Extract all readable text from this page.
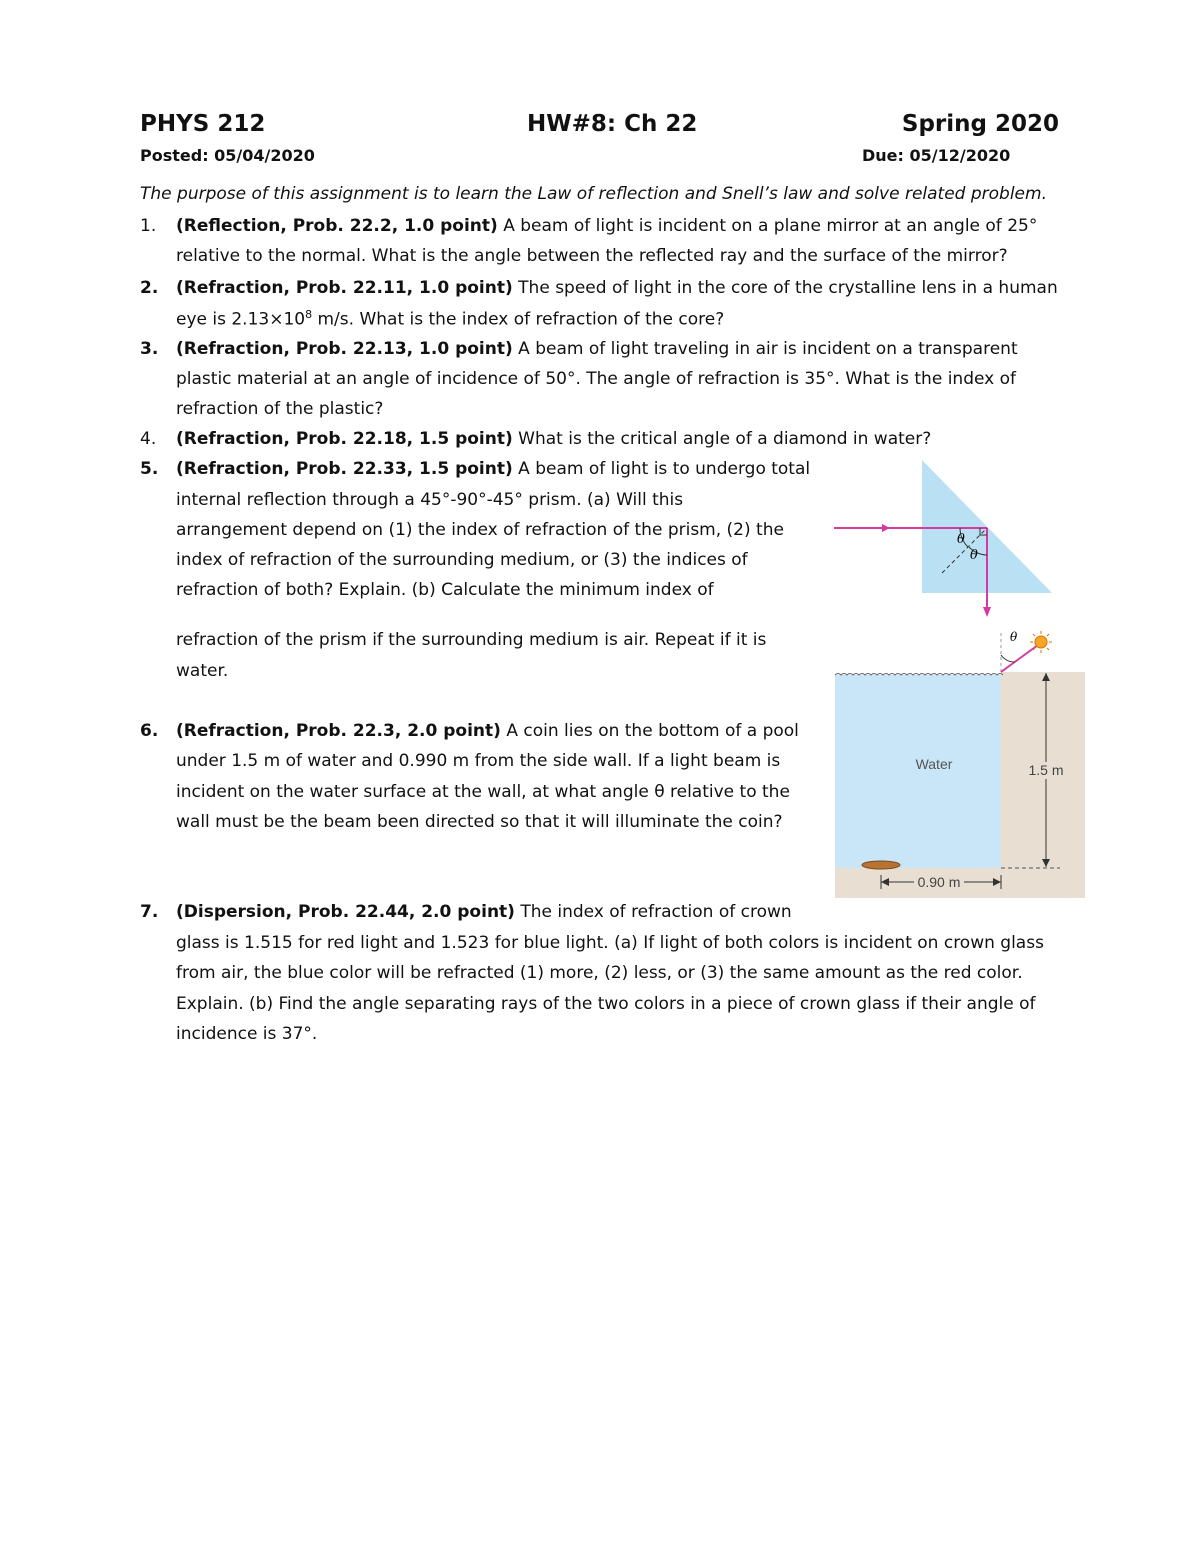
PHYS 212	HW#8: Ch 22	Spring 2020
Posted: 05/04/2020	Due: 05/12/2020
The purpose of this assignment is to learn the Law of reflection and Snell’s law and solve related problem.
1. (Reflection, Prob. 22.2, 1.0 point) A beam of light is incident on a plane mirror at an angle of 25°
relative to the normal. What is the angle between the reflected ray and the surface of the mirror?
2. (Refraction, Prob. 22.11, 1.0 point) The speed of light in the core of the crystalline lens in a human
eye is $2.13\times 10^8$ m/s. What is the index of refraction of the core?
3. (Refraction, Prob. 22.13, 1.0 point) A beam of light traveling in air is incident on a transparent
plastic material at an angle of incidence of 50°. The angle of refraction is 35°. What is the index of
refraction of the plastic?
4. (Refraction, Prob. 22.18, 1.5 point) What is the critical angle of a diamond in water?
5. (Refraction, Prob. 22.33, 1.5 point) A beam of light is to undergo total
internal reflection through a 45°-90°-45° prism. (a) Will this
arrangement depend on (1) the index of refraction of the prism, (2) the
index of refraction of the surrounding medium, or (3) the indices of
refraction of both? Explain. (b) Calculate the minimum index of
refraction of the prism if the surrounding medium is air. Repeat if it is
water.
6. (Refraction, Prob. 22.3, 2.0 point) A coin lies on the bottom of a pool
under 1.5 m of water and 0.990 m from the side wall. If a light beam is
incident on the water surface at the wall, at what angle θ relative to the
wall must be the beam been directed so that it will illuminate the coin?
7. (Dispersion, Prob. 22.44, 2.0 point) The index of refraction of crown
glass is 1.515 for red light and 1.523 for blue light. (a) If light of both colors is incident on crown glass
from air, the blue color will be refracted (1) more, (2) less, or (3) the same amount as the red color.
Explain. (b) Find the angle separating rays of the two colors in a piece of crown glass if their angle of
incidence is 37°.
θ
θ
θ
Water	1.5 m
0.90 m
